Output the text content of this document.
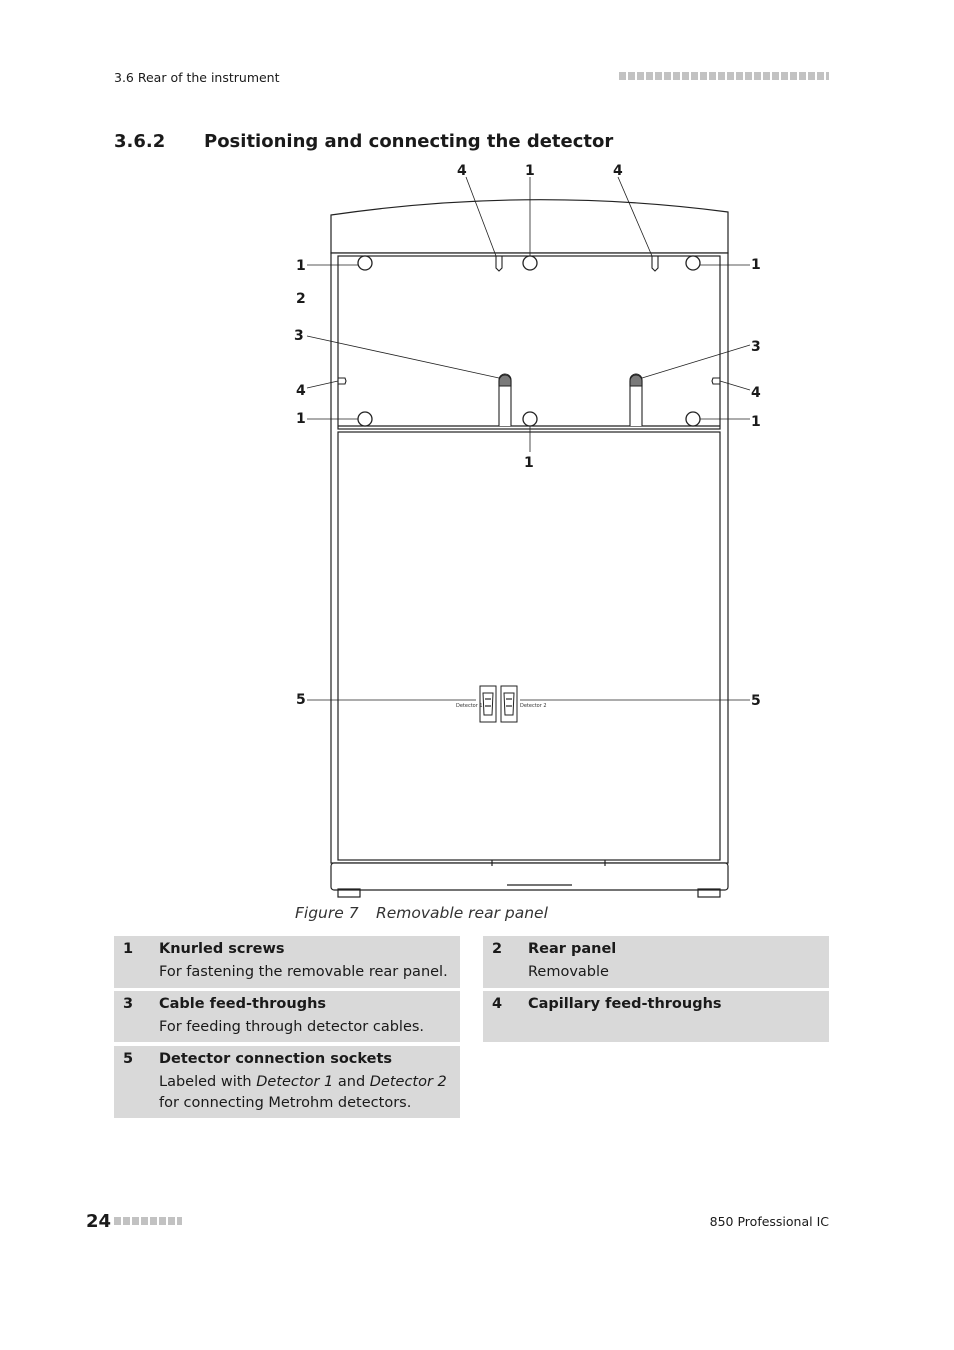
3.6 Rear of the instrument
3.6.2 Positioning and connecting the detector
Detector 1	Detector 2
4	1	4
1	1
2
3
3
4	4
1	1
1
5	5
Figure 7 Removable rear panel
1 Knurled screws
For fastening the removable rear panel.
2 Rear panel
Removable
3 Cable feed-throughs
For feeding through detector cables.
4 Capillary feed-throughs
5 Detector connection sockets
Labeled with Detector 1 and Detector 2 for connecting Metrohm detectors.
24	850 Professional IC
